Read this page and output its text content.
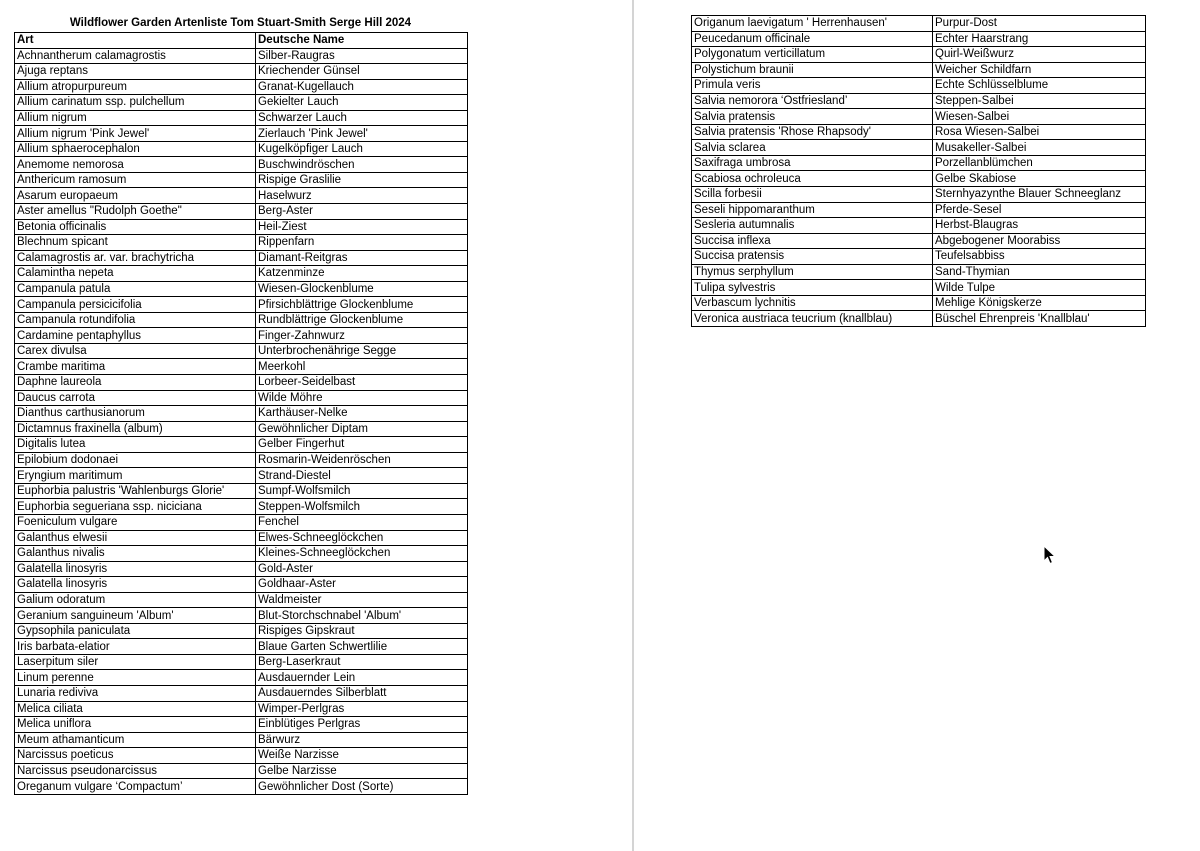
Wildflower Garden Artenliste Tom Stuart-Smith Serge Hill 2024
Art	Deutsche Name
Achnantherum calamagrostis	Silber-Raugras
Ajuga reptans	Kriechender Günsel
Allium atropurpureum	Granat-Kugellauch
Allium carinatum ssp. pulchellum	Gekielter Lauch
Allium nigrum	Schwarzer Lauch
Allium nigrum 'Pink Jewel'	Zierlauch 'Pink Jewel'
Allium sphaerocephalon	Kugelköpfiger Lauch
Anemome nemorosa	Buschwindröschen
Anthericum ramosum	Rispige Graslilie
Asarum europaeum	Haselwurz
Aster amellus "Rudolph Goethe"	Berg-Aster
Betonia officinalis	Heil-Ziest
Blechnum spicant	Rippenfarn
Calamagrostis ar. var. brachytricha	Diamant-Reitgras
Calamintha nepeta	Katzenminze
Campanula patula	Wiesen-Glockenblume
Campanula persicicifolia	Pfirsichblättrige Glockenblume
Campanula rotundifolia	Rundblättrige Glockenblume
Cardamine pentaphyllus	Finger-Zahnwurz
Carex divulsa	Unterbrochenährige Segge
Crambe maritima	Meerkohl
Daphne laureola	Lorbeer-Seidelbast
Daucus carrota	Wilde Möhre
Dianthus carthusianorum	Karthäuser-Nelke
Dictamnus fraxinella (album)	Gewöhnlicher Diptam
Digitalis lutea	Gelber Fingerhut
Epilobium dodonaei	Rosmarin-Weidenröschen
Eryngium maritimum	Strand-Diestel
Euphorbia palustris 'Wahlenburgs Glorie'	Sumpf-Wolfsmilch
Euphorbia segueriana ssp. niciciana	Steppen-Wolfsmilch
Foeniculum vulgare	Fenchel
Galanthus elwesii	Elwes-Schneeglöckchen
Galanthus nivalis	Kleines-Schneeglöckchen
Galatella linosyris	Gold-Aster
Galatella linosyris	Goldhaar-Aster
Galium odoratum	Waldmeister
Geranium sanguineum 'Album'	Blut-Storchschnabel 'Album'
Gypsophila paniculata	Rispiges Gipskraut
Iris barbata-elatior	Blaue Garten Schwertlilie
Laserpitum siler	Berg-Laserkraut
Linum perenne	Ausdauernder Lein
Lunaria rediviva	Ausdauerndes Silberblatt
Melica ciliata	Wimper-Perlgras
Melica uniflora	Einblütiges Perlgras
Meum athamanticum	Bärwurz
Narcissus poeticus	Weiße Narzisse
Narcissus pseudonarcissus	Gelbe Narzisse
Oreganum vulgare ‘Compactum’	Gewöhnlicher Dost (Sorte)
Origanum laevigatum ' Herrenhausen'	Purpur-Dost
Peucedanum officinale	Echter Haarstrang
Polygonatum verticillatum	Quirl-Weißwurz
Polystichum braunii	Weicher Schildfarn
Primula veris	Echte Schlüsselblume
Salvia nemorora ‘Ostfriesland’	Steppen-Salbei
Salvia pratensis	Wiesen-Salbei
Salvia pratensis 'Rhose Rhapsody'	Rosa Wiesen-Salbei
Salvia sclarea	Musakeller-Salbei
Saxifraga umbrosa	Porzellanblümchen
Scabiosa ochroleuca	Gelbe Skabiose
Scilla forbesii	Sternhyazynthe Blauer Schneeglanz
Seseli hippomaranthum	Pferde-Sesel
Sesleria autumnalis	Herbst-Blaugras
Succisa inflexa	Abgebogener Moorabiss
Succisa pratensis	Teufelsabbiss
Thymus serphyllum	Sand-Thymian
Tulipa sylvestris	Wilde Tulpe
Verbascum lychnitis	Mehlige Königskerze
Veronica austriaca teucrium (knallblau)	Büschel Ehrenpreis 'Knallblau'
